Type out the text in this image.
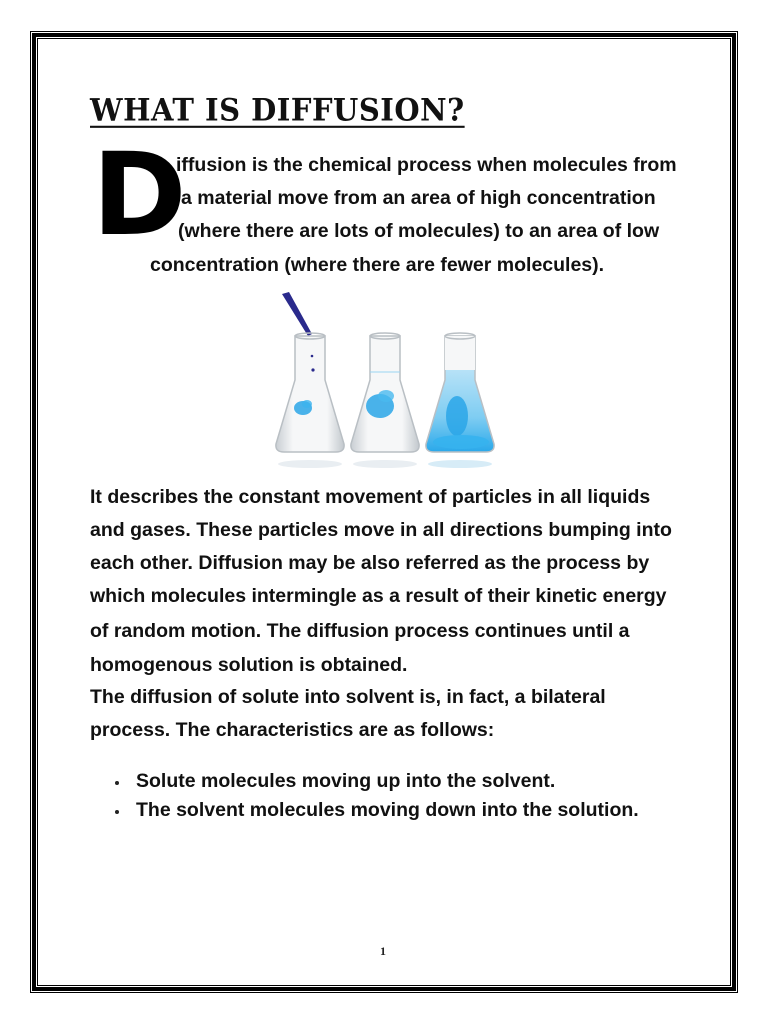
WHAT IS DIFFUSION?
D
iffusion is the chemical process when molecules from
a material move from an area of high concentration
(where there are lots of molecules) to an area of low
concentration (where there are fewer molecules).
It describes the constant movement of particles in all liquids
and gases. These particles move in all directions bumping into
each other. Diffusion may be also referred as the process by
which molecules intermingle as a result of their kinetic energy
of random motion. The diffusion process continues until a
homogenous solution is obtained.
The diffusion of solute into solvent is, in fact, a bilateral
process. The characteristics are as follows:
Solute molecules moving up into the solvent.
The solvent molecules moving down into the solution.
1
